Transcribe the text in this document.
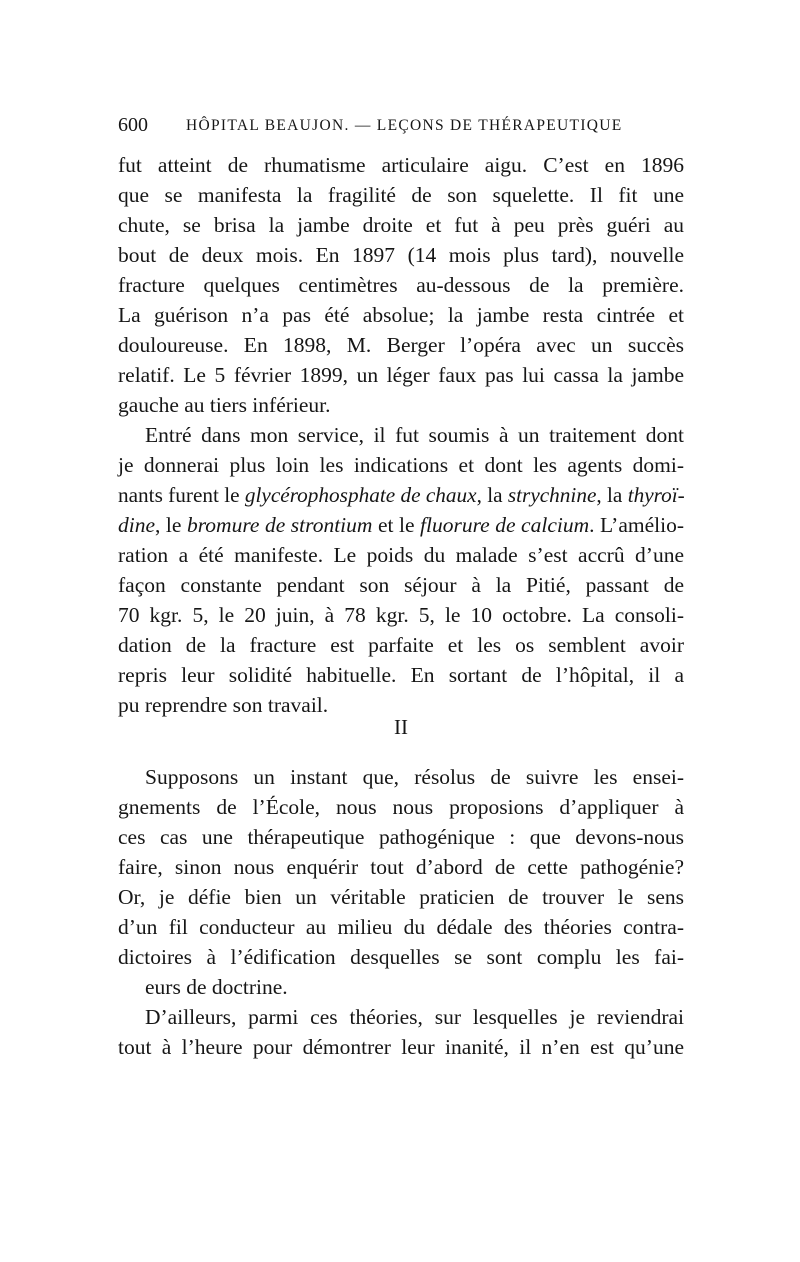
600 HÔPITAL BEAUJON. — LEÇONS DE THÉRAPEUTIQUE
fut atteint de rhumatisme articulaire aigu. C’est en 1896
que se manifesta la fragilité de son squelette. Il fit une
chute, se brisa la jambe droite et fut à peu près guéri au
bout de deux mois. En 1897 (14 mois plus tard), nouvelle
fracture quelques centimètres au-dessous de la première.
La guérison n’a pas été absolue; la jambe resta cintrée et
douloureuse. En 1898, M. Berger l’opéra avec un succès
relatif. Le 5 février 1899, un léger faux pas lui cassa la jambe
gauche au tiers inférieur.
Entré dans mon service, il fut soumis à un traitement dont
je donnerai plus loin les indications et dont les agents domi-
nants furent le glycérophosphate de chaux, la strychnine, la thyroï-
dine, le bromure de strontium et le fluorure de calcium. L’amélio-
ration a été manifeste. Le poids du malade s’est accrû d’une
façon constante pendant son séjour à la Pitié, passant de
70 kgr. 5, le 20 juin, à 78 kgr. 5, le 10 octobre. La consoli-
dation de la fracture est parfaite et les os semblent avoir
repris leur solidité habituelle. En sortant de l’hôpital, il a
pu reprendre son travail.
II
Supposons un instant que, résolus de suivre les ensei-
gnements de l’École, nous nous proposions d’appliquer à
ces cas une thérapeutique pathogénique : que devons-nous
faire, sinon nous enquérir tout d’abord de cette pathogénie?
Or, je défie bien un véritable praticien de trouver le sens
d’un fil conducteur au milieu du dédale des théories contra-
dictoires à l’édification desquelles se sont complu les fai-
eurs de doctrine.
D’ailleurs, parmi ces théories, sur lesquelles je reviendrai
tout à l’heure pour démontrer leur inanité, il n’en est qu’une
